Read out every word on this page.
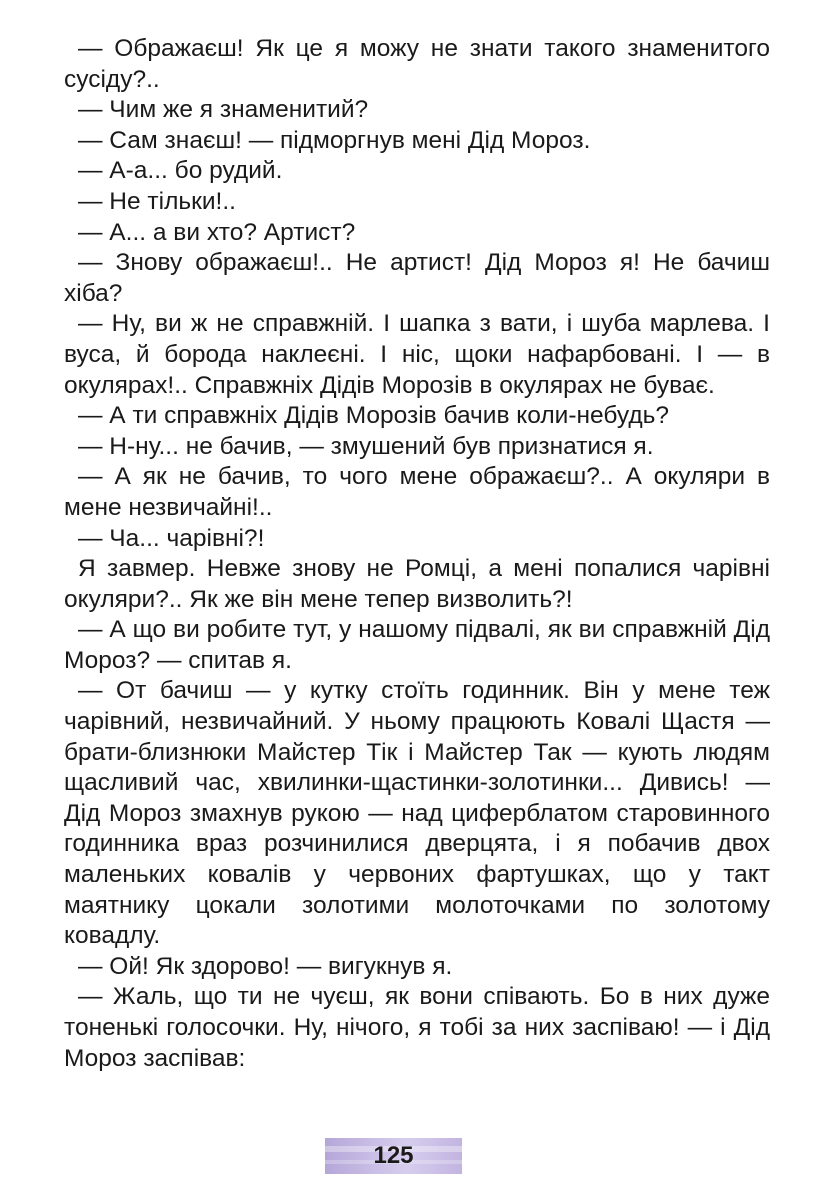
— Ображаєш! Як це я можу не знати такого знаменитого сусіду?..

— Чим же я знаменитий?

— Сам знаєш! — підморгнув мені Дід Мороз.

— А-а... бо рудий.

— Не тільки!..

— А... а ви хто? Артист?

— Знову ображаєш!.. Не артист! Дід Мороз я! Не бачиш хіба?

— Ну, ви ж не справжній. І шапка з вати, і шуба марлева. І вуса, й борода наклеєні. І ніс, щоки нафарбовані. І — в окулярах!.. Справжніх Дідів Морозів в окулярах не буває.

— А ти справжніх Дідів Морозів бачив коли-небудь?

— Н-ну... не бачив, — змушений був признатися я.

— А як не бачив, то чого мене ображаєш?.. А окуляри в мене незвичайні!..

— Ча... чарівні?!

Я завмер. Невже знову не Ромці, а мені попалися чарівні окуляри?.. Як же він мене тепер визволить?!

— А що ви робите тут, у нашому підвалі, як ви справжній Дід Мороз? — спитав я.

— От бачиш — у кутку стоїть годинник. Він у мене теж чарівний, незвичайний. У ньому працюють Ковалі Щастя — брати-близнюки Майстер Тік і Майстер Так — кують людям щасливий час, хвилинки-щастинки-золотинки... Дивись! — Дід Мороз змахнув рукою — над циферблатом старовинного годинника враз розчинилися дверцята, і я побачив двох маленьких ковалів у червоних фартушках, що у такт маятнику цокали золотими молоточками по золотому ковадлу.

— Ой! Як здорово! — вигукнув я.

— Жаль, що ти не чуєш, як вони співають. Бо в них дуже тоненькі голосочки. Ну, нічого, я тобі за них заспіваю! — і Дід Мороз заспівав:

125
